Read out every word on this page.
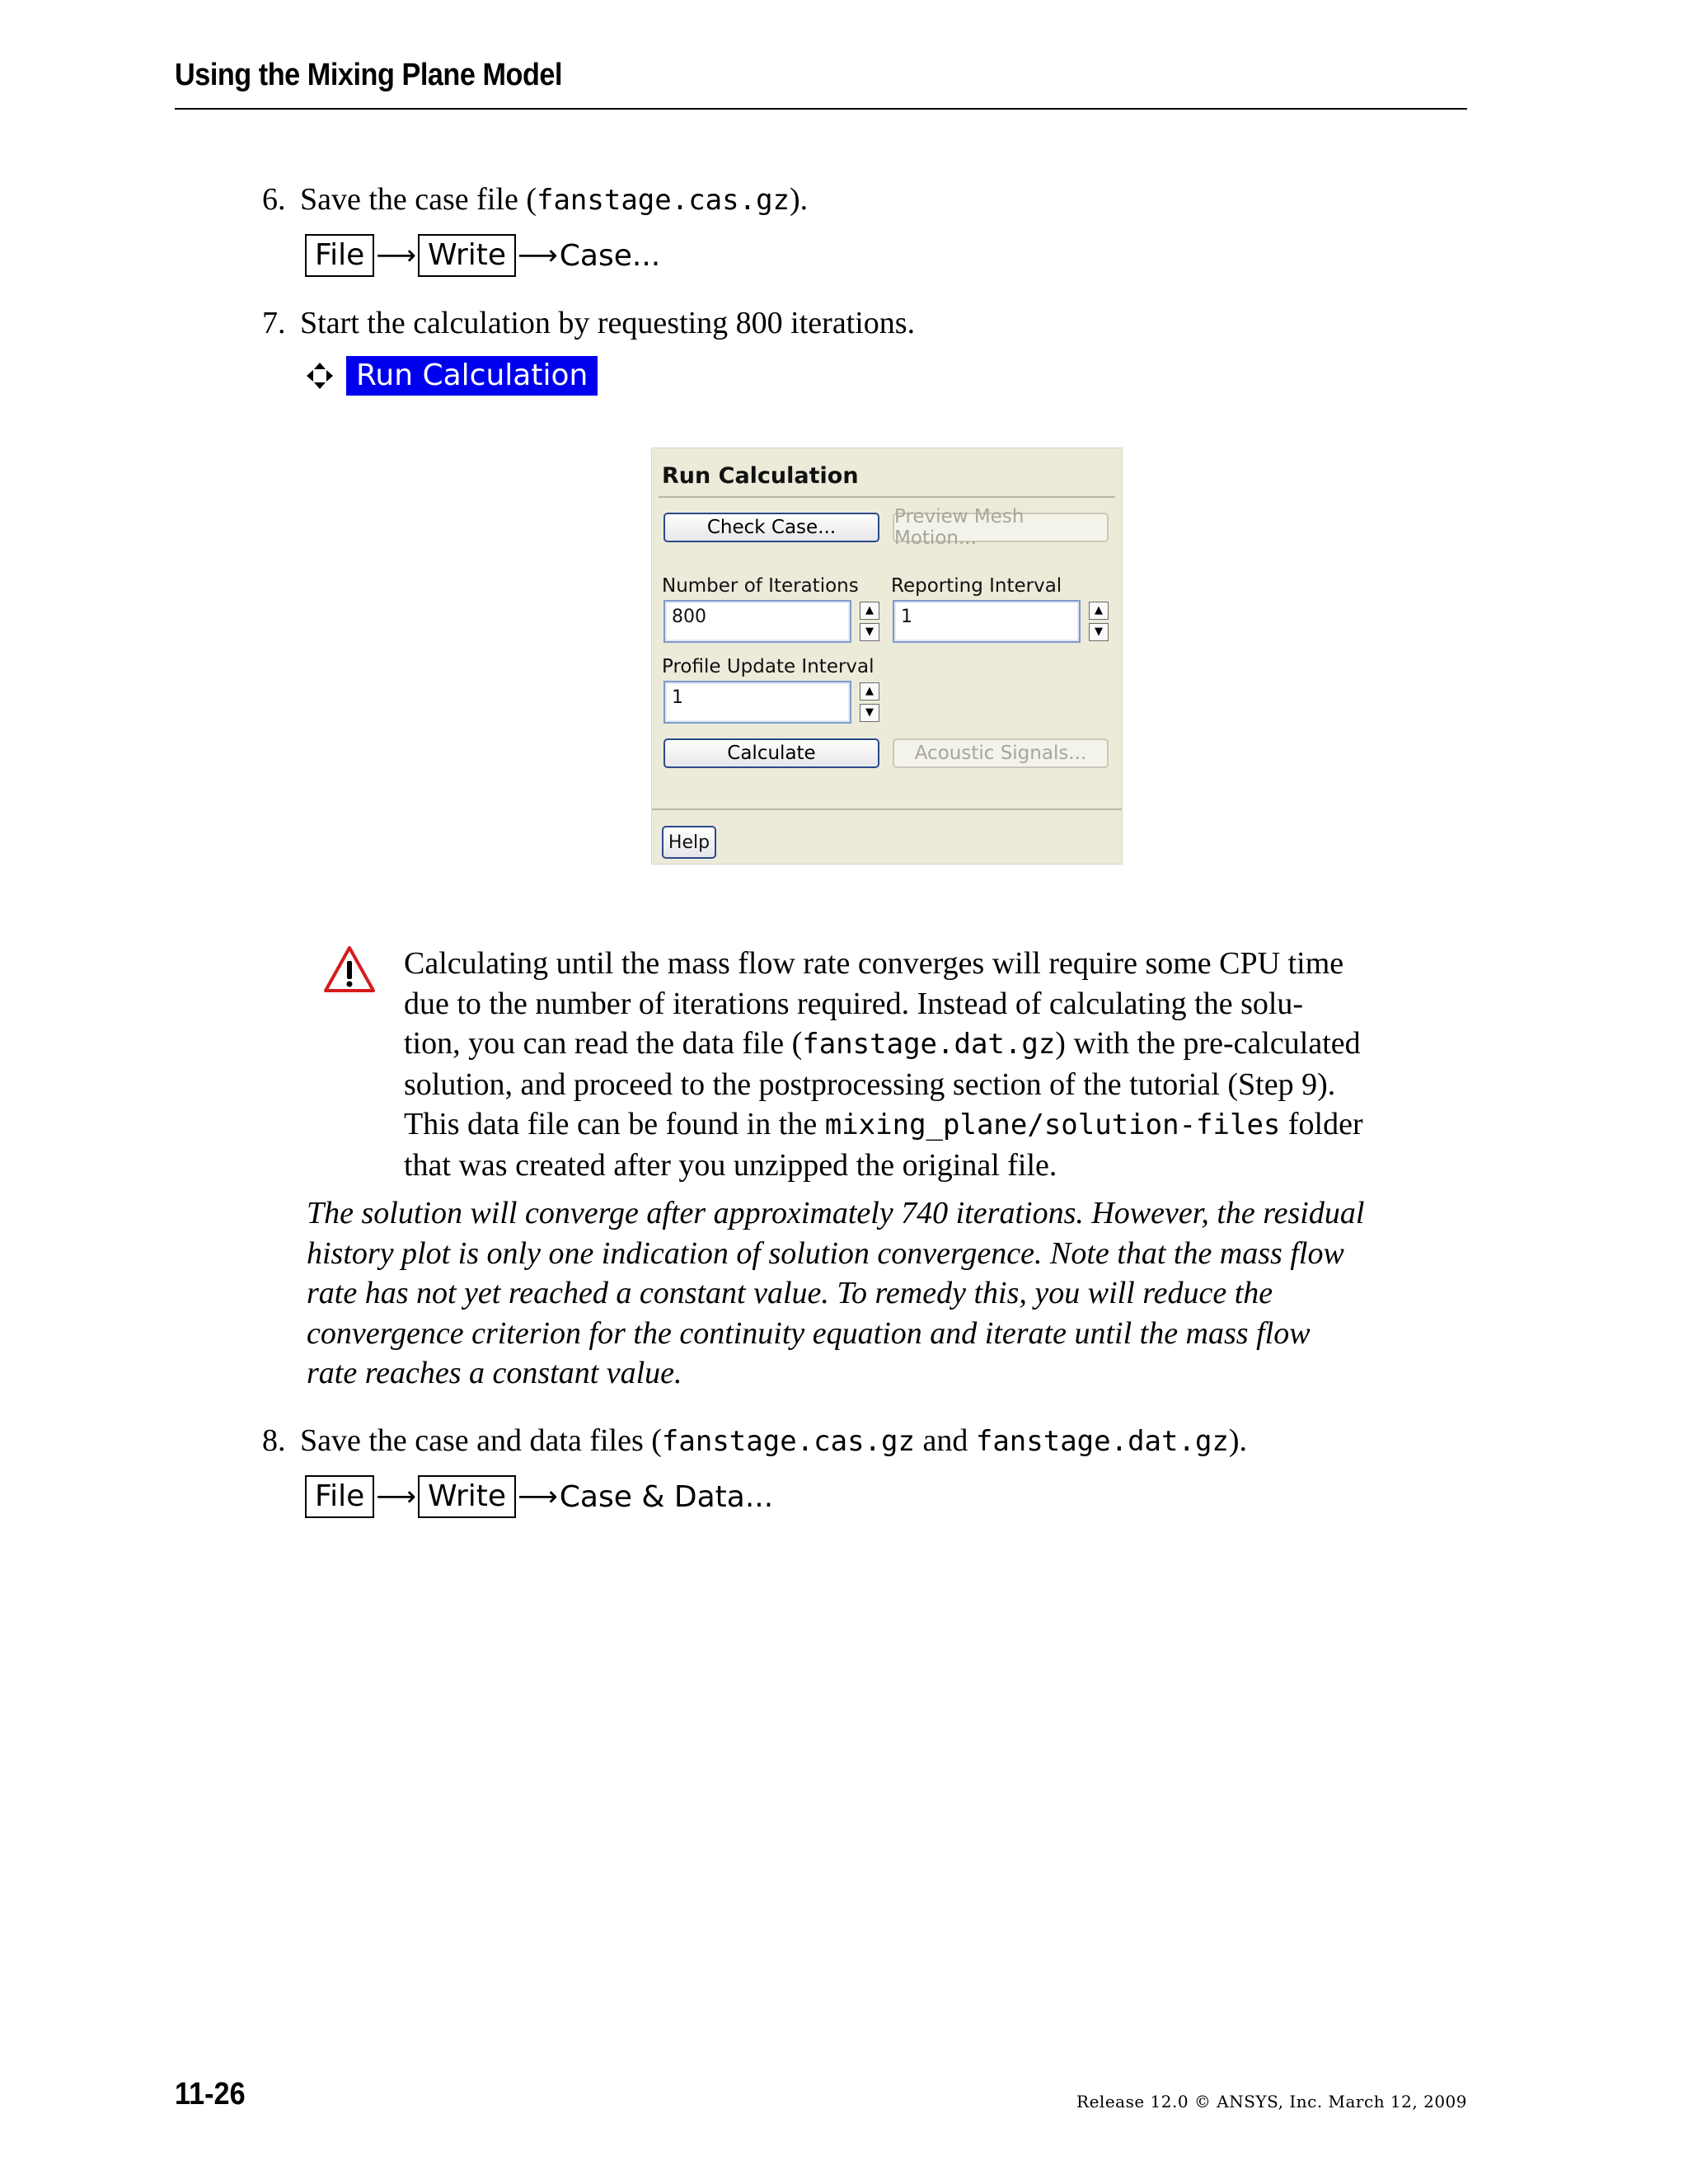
Using the Mixing Plane Model
6. Save the case file (fanstage.cas.gz).
File ⟶ Write ⟶ Case...
7. Start the calculation by requesting 800 iterations.
Run Calculation
Run Calculation
Check Case...	Preview Mesh Motion...
Number of Iterations Reporting Interval
800	▲
▼
1	▲
▼
Profile Update Interval
1	▲
▼
Calculate	Acoustic Signals...
Help
Calculating until the mass flow rate converges will require some CPU time
due to the number of iterations required. Instead of calculating the solu-
tion, you can read the data file (fanstage.dat.gz) with the pre-calculated
solution, and proceed to the postprocessing section of the tutorial (Step 9).
This data file can be found in the mixing_plane/solution-files folder
that was created after you unzipped the original file.
The solution will converge after approximately 740 iterations. However, the residual
history plot is only one indication of solution convergence. Note that the mass flow
rate has not yet reached a constant value. To remedy this, you will reduce the
convergence criterion for the continuity equation and iterate until the mass flow
rate reaches a constant value.
8. Save the case and data files (fanstage.cas.gz and fanstage.dat.gz).
File ⟶ Write ⟶ Case & Data...
11-26	Release 12.0 © ANSYS, Inc. March 12, 2009
